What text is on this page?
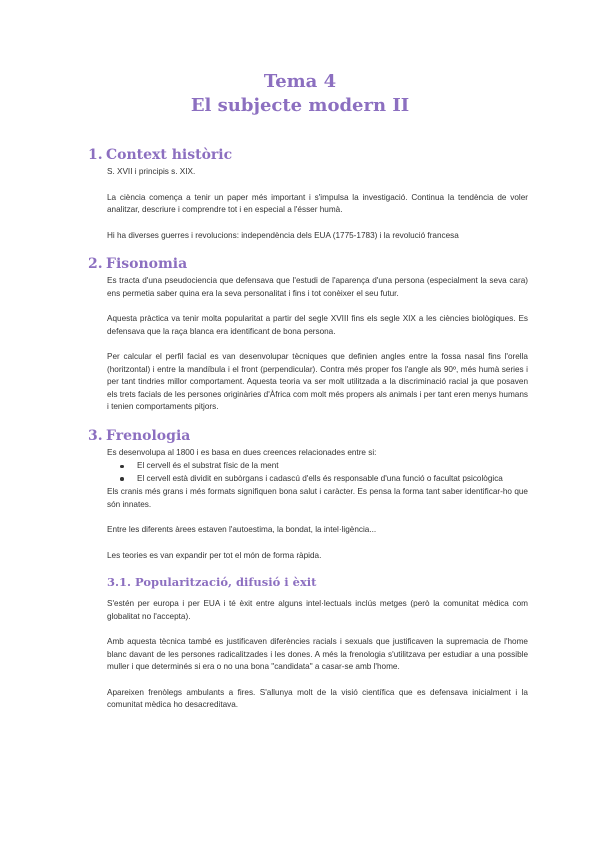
Tema 4
El subjecte modern II
1. Context històric

S. XVII i principis s. XIX.

La ciència comença a tenir un paper més important i s'impulsa la investigació. Continua la tendència de voler analitzar, descriure i comprendre tot i en especial a l'ésser humà.

Hi ha diverses guerres i revolucions: independència dels EUA (1775-1783) i la revolució francesa

2. Fisonomia

Es tracta d'una pseudociencia que defensava que l'estudi de l'aparença d'una persona (especialment la seva cara) ens permetia saber quina era la seva personalitat i fins i tot conèixer el seu futur.

Aquesta pràctica va tenir molta popularitat a partir del segle XVIII fins els segle XIX a les ciències biològiques. Es defensava que la raça blanca era identificant de bona persona.

Per calcular el perfil facial es van desenvolupar tècniques que definien angles entre la fossa nasal fins l'orella (horitzontal) i entre la mandíbula i el front (perpendicular). Contra més proper fos l'angle als 90º, més humà series i per tant tindries millor comportament. Aquesta teoria va ser molt utilitzada a la discriminació racial ja que posaven els trets facials de les persones originàries d'Àfrica com molt més propers als animals i per tant eren menys humans i tenien comportaments pitjors.

3. Frenologia

Es desenvolupa al 1800 i es basa en dues creences relacionades entre si:

El cervell és el substrat físic de la ment
El cervell està dividit en subòrgans i cadascú d'ells és responsable d'una funció o facultat psicològica

Els cranis més grans i més formats signifiquen bona salut i caràcter. Es pensa la forma tant saber identificar-ho que són innates.

Entre les diferents àrees estaven l'autoestima, la bondat, la intel·ligència...

Les teories es van expandir per tot el món de forma ràpida.

3.1. Popularització, difusió i èxit

S'estén per europa i per EUA i té èxit entre alguns intel·lectuals inclús metges (però la comunitat mèdica com globalitat no l'accepta).

Amb aquesta tècnica també es justificaven diferències racials i sexuals que justificaven la supremacia de l'home blanc davant de les persones radicalitzades i les dones. A més la frenologia s'utilitzava per estudiar a una possible muller i que determinés si era o no una bona "candidata" a casar-se amb l'home.

Apareixen frenòlegs ambulants a fires. S'allunya molt de la visió científica que es defensava inicialment i la comunitat mèdica ho desacreditava.
